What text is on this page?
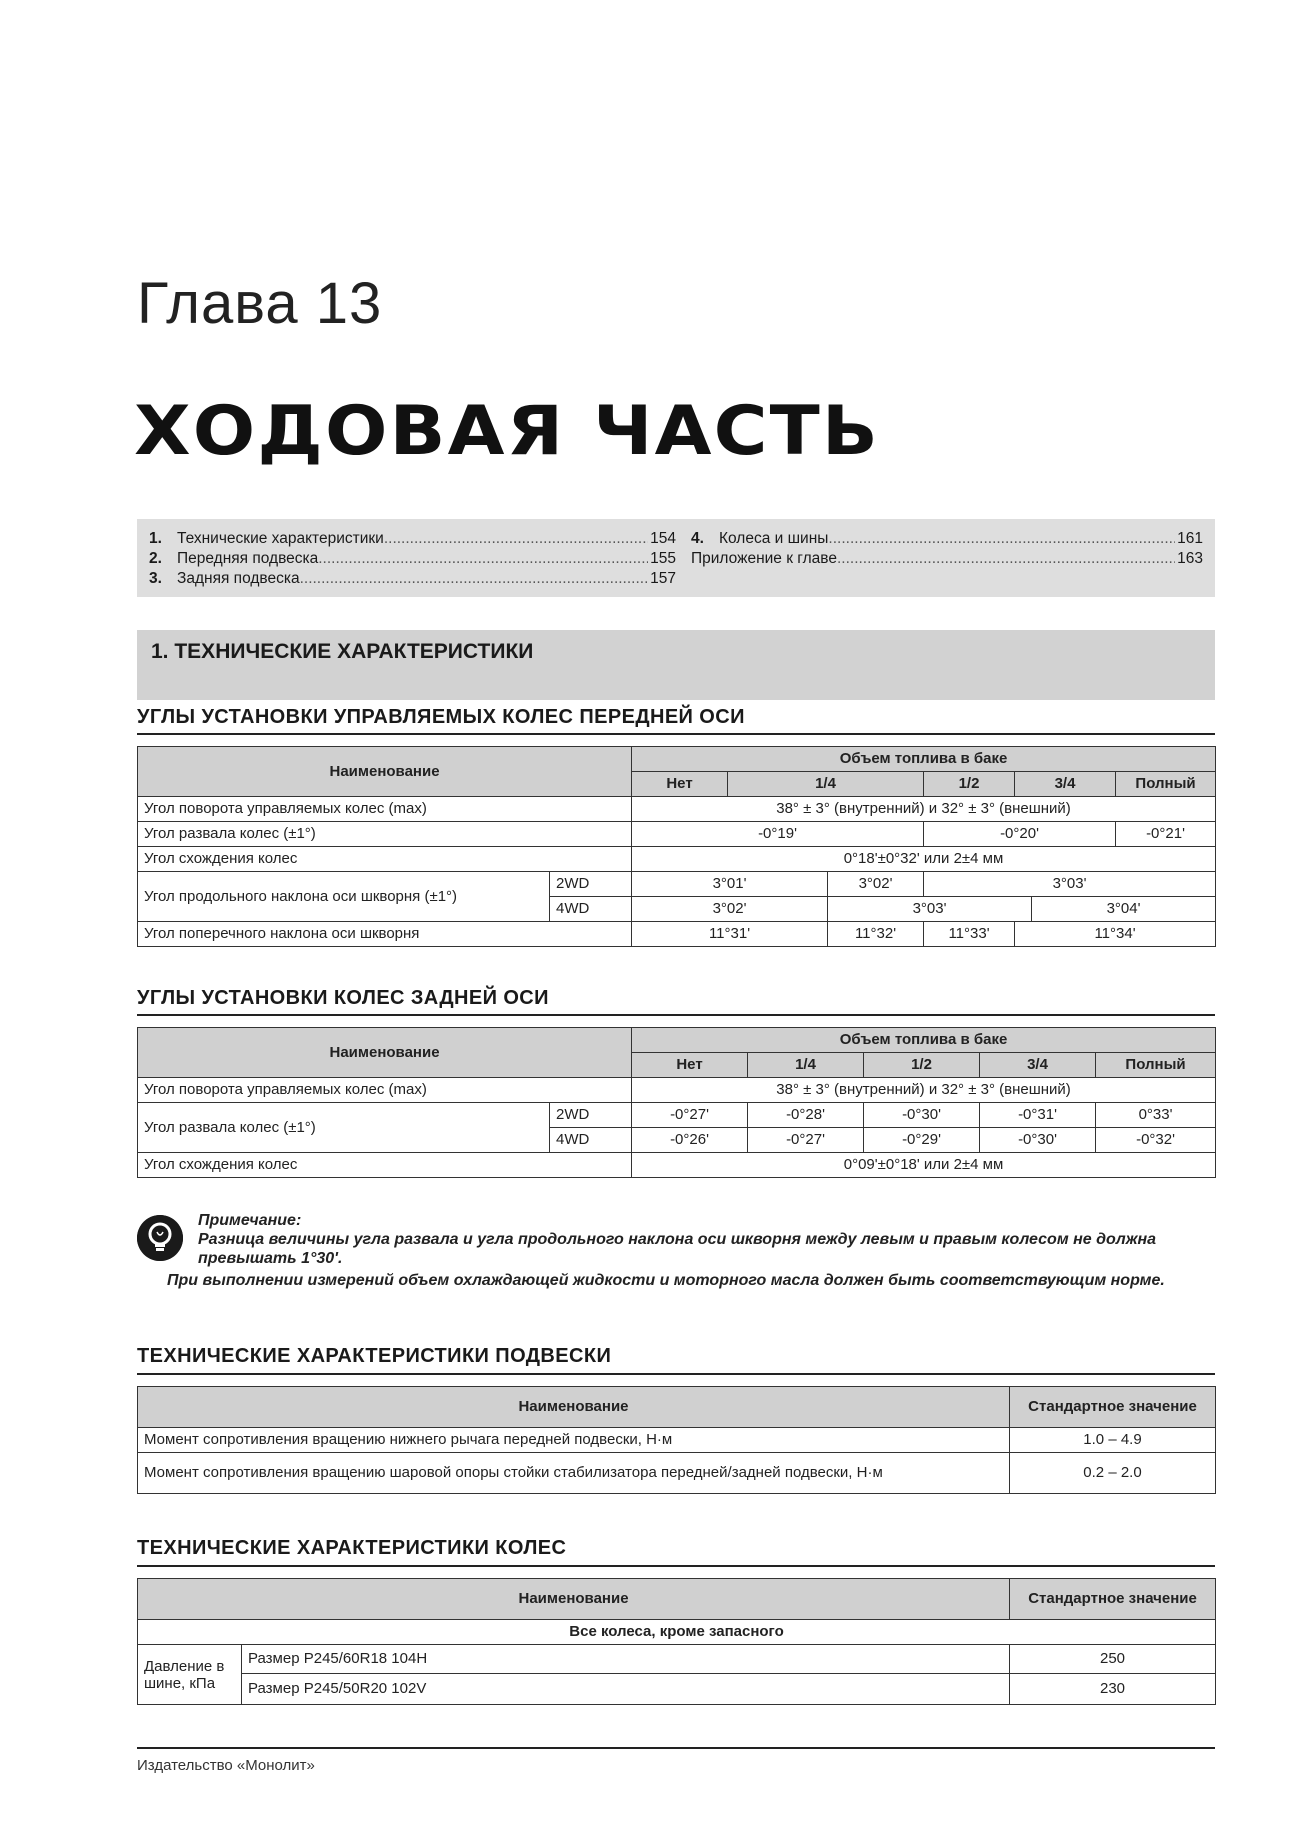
Глава 13
ХОДОВАЯ ЧАСТЬ
1. Технические характеристики .....	154
2. Передняя подвеска .....	155
3. Задняя подвеска .....	157
4. Колеса и шины .....	161
Приложение к главе .....	163
1. ТЕХНИЧЕСКИЕ ХАРАКТЕРИСТИКИ
УГЛЫ УСТАНОВКИ УПРАВЛЯЕМЫХ КОЛЕС ПЕРЕДНЕЙ ОСИ
Наименование		Объем топлива в баке							
		Нет	1/4		1/2	3/4		Полный	
Угол поворота управляемых колес (max)		38° ± 3° (внутренний) и 32° ± 3° (внешний)							
Угол развала колес (±1°)		-0°19'			-0°20'			-0°21'	
Угол схождения колес		0°18'±0°32' или 2±4 мм							
Угол продольного наклона оси шкворня (±1°)	2WD	3°01'		3°02'	3°03'	
	4WD	3°02'		3°03'			3°04'	
Угол поперечного наклона оси шкворня		11°31'		11°32'	11°33'	11°34'	
УГЛЫ УСТАНОВКИ КОЛЕС ЗАДНЕЙ ОСИ
Наименование		Объем топлива в баке				
		Нет	1/4	1/2	3/4	Полный
Угол поворота управляемых колес (max)		38° ± 3° (внутренний) и 32° ± 3° (внешний)				
Угол развала колес (±1°)	2WD	-0°27'	-0°28'	-0°30'	-0°31'	0°33'
	4WD	-0°26'	-0°27'	-0°29'	-0°30'	-0°32'
Угол схождения колес		0°09'±0°18' или 2±4 мм				
Примечание:
Разница величины угла развала и угла продольного наклона оси шкворня между левым и правым колесом не должна превышать 1°30'.
При выполнении измерений объем охлаждающей жидкости и моторного масла должен быть соответствующим норме.
ТЕХНИЧЕСКИЕ ХАРАКТЕРИСТИКИ ПОДВЕСКИ
Наименование	Стандартное значение
Момент сопротивления вращению нижнего рычага передней подвески, Н·м	1.0 – 4.9
Момент сопротивления вращению шаровой опоры стойки стабилизатора передней/задней подвески, Н·м	0.2 – 2.0
ТЕХНИЧЕСКИЕ ХАРАКТЕРИСТИКИ КОЛЕС
Наименование		Стандартное значение
Все колеса, кроме запасного		
Давление в шине, кПа	Размер P245/60R18 104H	250
	Размер P245/50R20 102V	230
Издательство «Монолит»
